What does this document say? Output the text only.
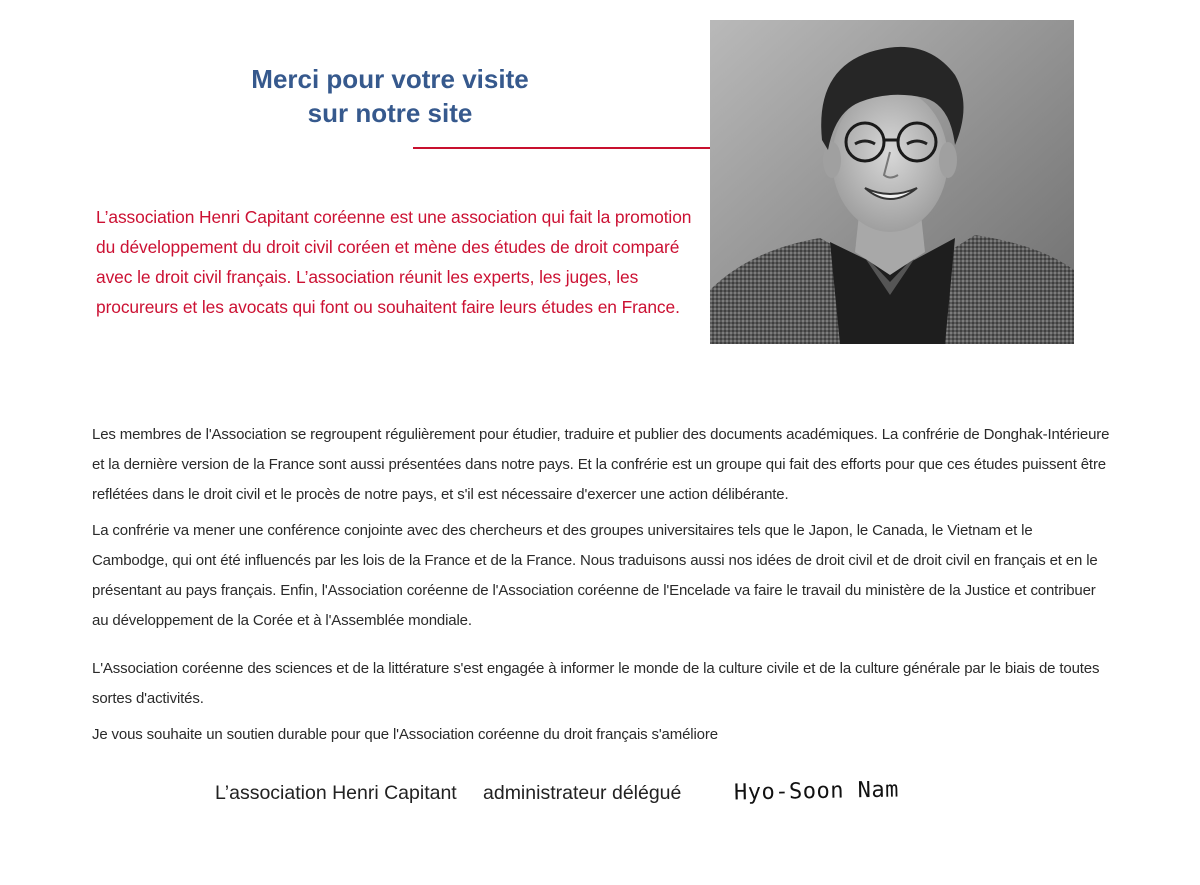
Merci pour votre visite
sur notre site

L’association Henri Capitant coréenne est une association qui fait la promotion du développement du droit civil coréen et mène des études de droit comparé avec le droit civil français. L’association réunit les experts, les juges, les procureurs et les avocats qui font ou souhaitent faire leurs études en France.

Les membres de l'Association se regroupent régulièrement pour étudier, traduire et publier des documents académiques. La confrérie de Donghak-Intérieure et la dernière version de la France sont aussi présentées dans notre pays. Et la confrérie est un groupe qui fait des efforts pour que ces études puissent être reflétées dans le droit civil et le procès de notre pays, et s'il est nécessaire d'exercer une action délibérante.

La confrérie va mener une conférence conjointe avec des chercheurs et des groupes universitaires tels que le Japon, le Canada, le Vietnam et le Cambodge, qui ont été influencés par les lois de la France et de la France. Nous traduisons aussi nos idées de droit civil et de droit civil en français et en le présentant au pays français. Enfin, l'Association coréenne de l'Association coréenne de l'Encelade va faire le travail du ministère de la Justice et contribuer au développement de la Corée et à l'Assemblée mondiale.

L'Association coréenne des sciences et de la littérature s'est engagée à informer le monde de la culture civile et de la culture générale par le biais de toutes sortes d'activités.

Je vous souhaite un soutien durable pour que l'Association coréenne du droit français s'améliore

L’association Henri Capitant administrateur délégué Hyo-Soon Nam
